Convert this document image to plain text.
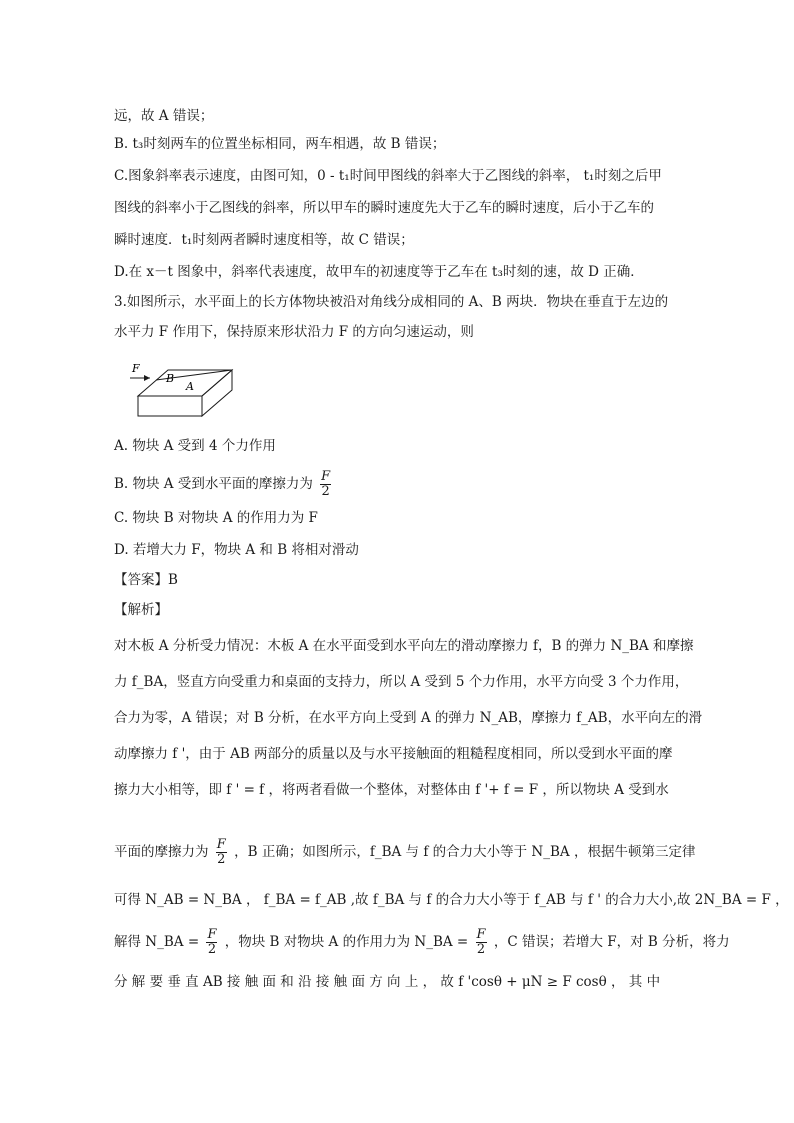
远，故 A 错误；
B. t₃时刻两车的位置坐标相同，两车相遇，故 B 错误；
C.图象斜率表示速度，由图可知，0 - t₁时间甲图线的斜率大于乙图线的斜率， t₁时刻之后甲
图线的斜率小于乙图线的斜率，所以甲车的瞬时速度先大于乙车的瞬时速度，后小于乙车的
瞬时速度．t₁时刻两者瞬时速度相等，故 C 错误；
D.在 x－t 图象中，斜率代表速度，故甲车的初速度等于乙车在 t₃时刻的速，故 D 正确．
3.如图所示，水平面上的长方体物块被沿对角线分成相同的 A、B 两块．物块在垂直于左边的
水平力 F 作用下，保持原来形状沿力 F 的方向匀速运动，则
F
B
A
A. 物块 A 受到 4 个力作用
B. 物块 A 受到水平面的摩擦力为 $\frac{F}{2}$
C. 物块 B 对物块 A 的作用力为 F
D. 若增大力 F，物块 A 和 B 将相对滑动
【答案】B
【解析】
对木板 A 分析受力情况：木板 A 在水平面受到水平向左的滑动摩擦力 f，B 的弹力 N_BA 和摩擦
力 f_BA，竖直方向受重力和桌面的支持力，所以 A 受到 5 个力作用，水平方向受 3 个力作用，
合力为零，A 错误；对 B 分析，在水平方向上受到 A 的弹力 N_AB，摩擦力 f_AB，水平向左的滑
动摩擦力 f '，由于 AB 两部分的质量以及与水平接触面的粗糙程度相同，所以受到水平面的摩
擦力大小相等，即 f ' = f ，将两者看做一个整体，对整体由 f '+ f = F ，所以物块 A 受到水
平面的摩擦力为 $\frac{F}{2}$ ，B 正确；如图所示，f_BA 与 f 的合力大小等于 N_BA ，根据牛顿第三定律
可得 N_AB = N_BA ， f_BA = f_AB ,故 f_BA 与 f 的合力大小等于 f_AB 与 f ' 的合力大小,故 2N_BA = F ，
解得 N_BA = $\frac{F}{2}$ ，物块 B 对物块 A 的作用力为 N_BA = $\frac{F}{2}$ ，C 错误；若增大 F，对 B 分析，将力
分 解 要 垂 直 AB 接 触 面 和 沿 接 触 面 方 向 上 ， 故 f 'cosθ + μN ≥ F cosθ ， 其 中
